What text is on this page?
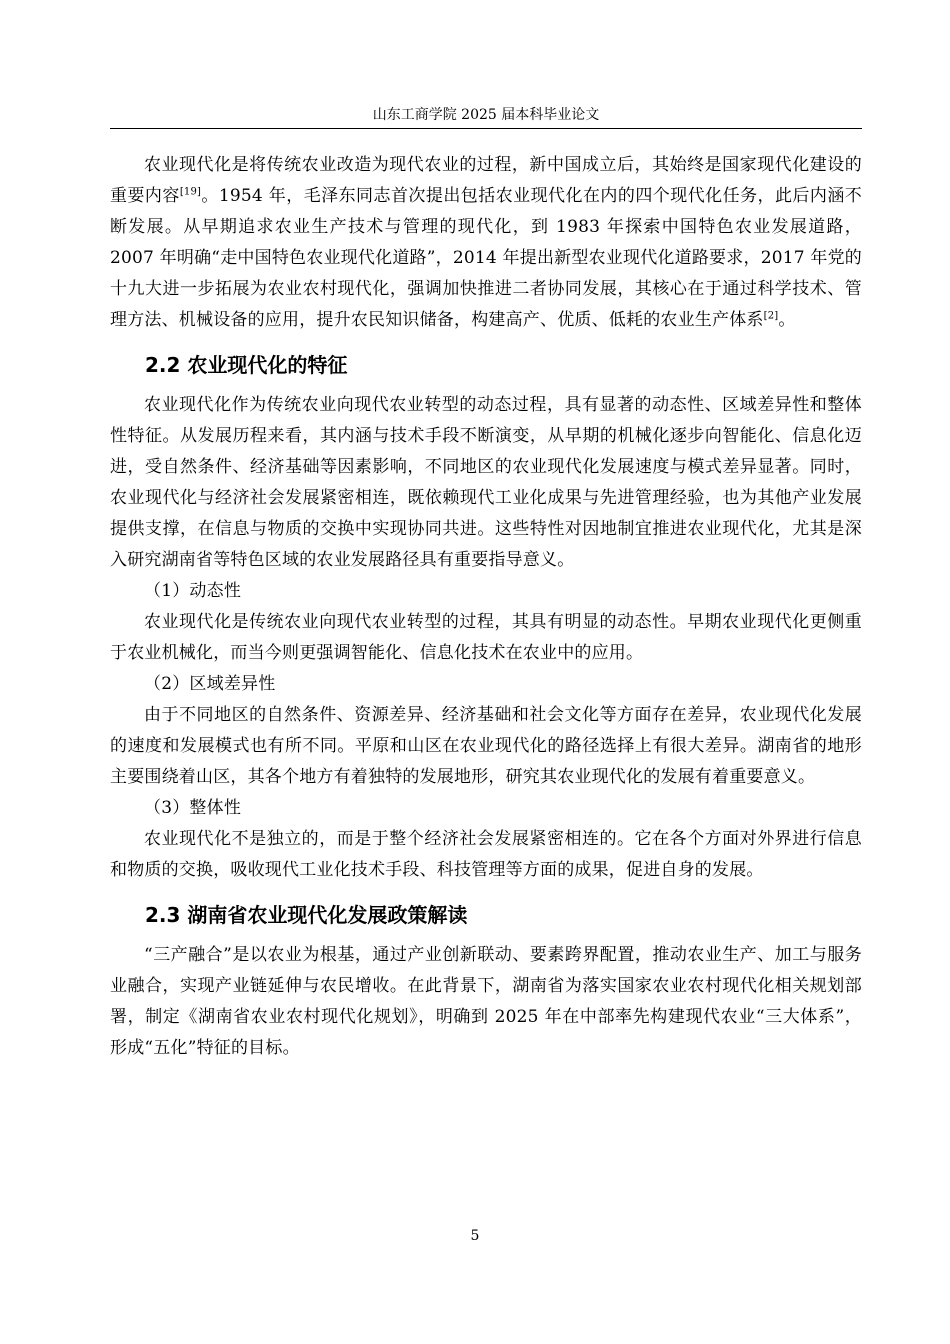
山东工商学院 2025 届本科毕业论文

农业现代化是将传统农业改造为现代农业的过程，新中国成立后，其始终是国家现代化建设的重要内容[19]。1954 年，毛泽东同志首次提出包括农业现代化在内的四个现代化任务，此后内涵不断发展。从早期追求农业生产技术与管理的现代化，到 1983 年探索中国特色农业发展道路，2007 年明确“走中国特色农业现代化道路”，2014 年提出新型农业现代化道路要求，2017 年党的十九大进一步拓展为农业农村现代化，强调加快推进二者协同发展，其核心在于通过科学技术、管理方法、机械设备的应用，提升农民知识储备，构建高产、优质、低耗的农业生产体系[2]。

2.2 农业现代化的特征

农业现代化作为传统农业向现代农业转型的动态过程，具有显著的动态性、区域差异性和整体性特征。从发展历程来看，其内涵与技术手段不断演变，从早期的机械化逐步向智能化、信息化迈进，受自然条件、经济基础等因素影响，不同地区的农业现代化发展速度与模式差异显著。同时，农业现代化与经济社会发展紧密相连，既依赖现代工业化成果与先进管理经验，也为其他产业发展提供支撑，在信息与物质的交换中实现协同共进。这些特性对因地制宜推进农业现代化，尤其是深入研究湖南省等特色区域的农业发展路径具有重要指导意义。

（1）动态性

农业现代化是传统农业向现代农业转型的过程，其具有明显的动态性。早期农业现代化更侧重于农业机械化，而当今则更强调智能化、信息化技术在农业中的应用。

（2）区域差异性

由于不同地区的自然条件、资源差异、经济基础和社会文化等方面存在差异，农业现代化发展的速度和发展模式也有所不同。平原和山区在农业现代化的路径选择上有很大差异。湖南省的地形主要围绕着山区，其各个地方有着独特的发展地形，研究其农业现代化的发展有着重要意义。

（3）整体性

农业现代化不是独立的，而是于整个经济社会发展紧密相连的。它在各个方面对外界进行信息和物质的交换，吸收现代工业化技术手段、科技管理等方面的成果，促进自身的发展。

2.3 湖南省农业现代化发展政策解读

“三产融合”是以农业为根基，通过产业创新联动、要素跨界配置，推动农业生产、加工与服务业融合，实现产业链延伸与农民增收。在此背景下，湖南省为落实国家农业农村现代化相关规划部署，制定《湖南省农业农村现代化规划》，明确到 2025 年在中部率先构建现代农业“三大体系”，形成“五化”特征的目标。

5
